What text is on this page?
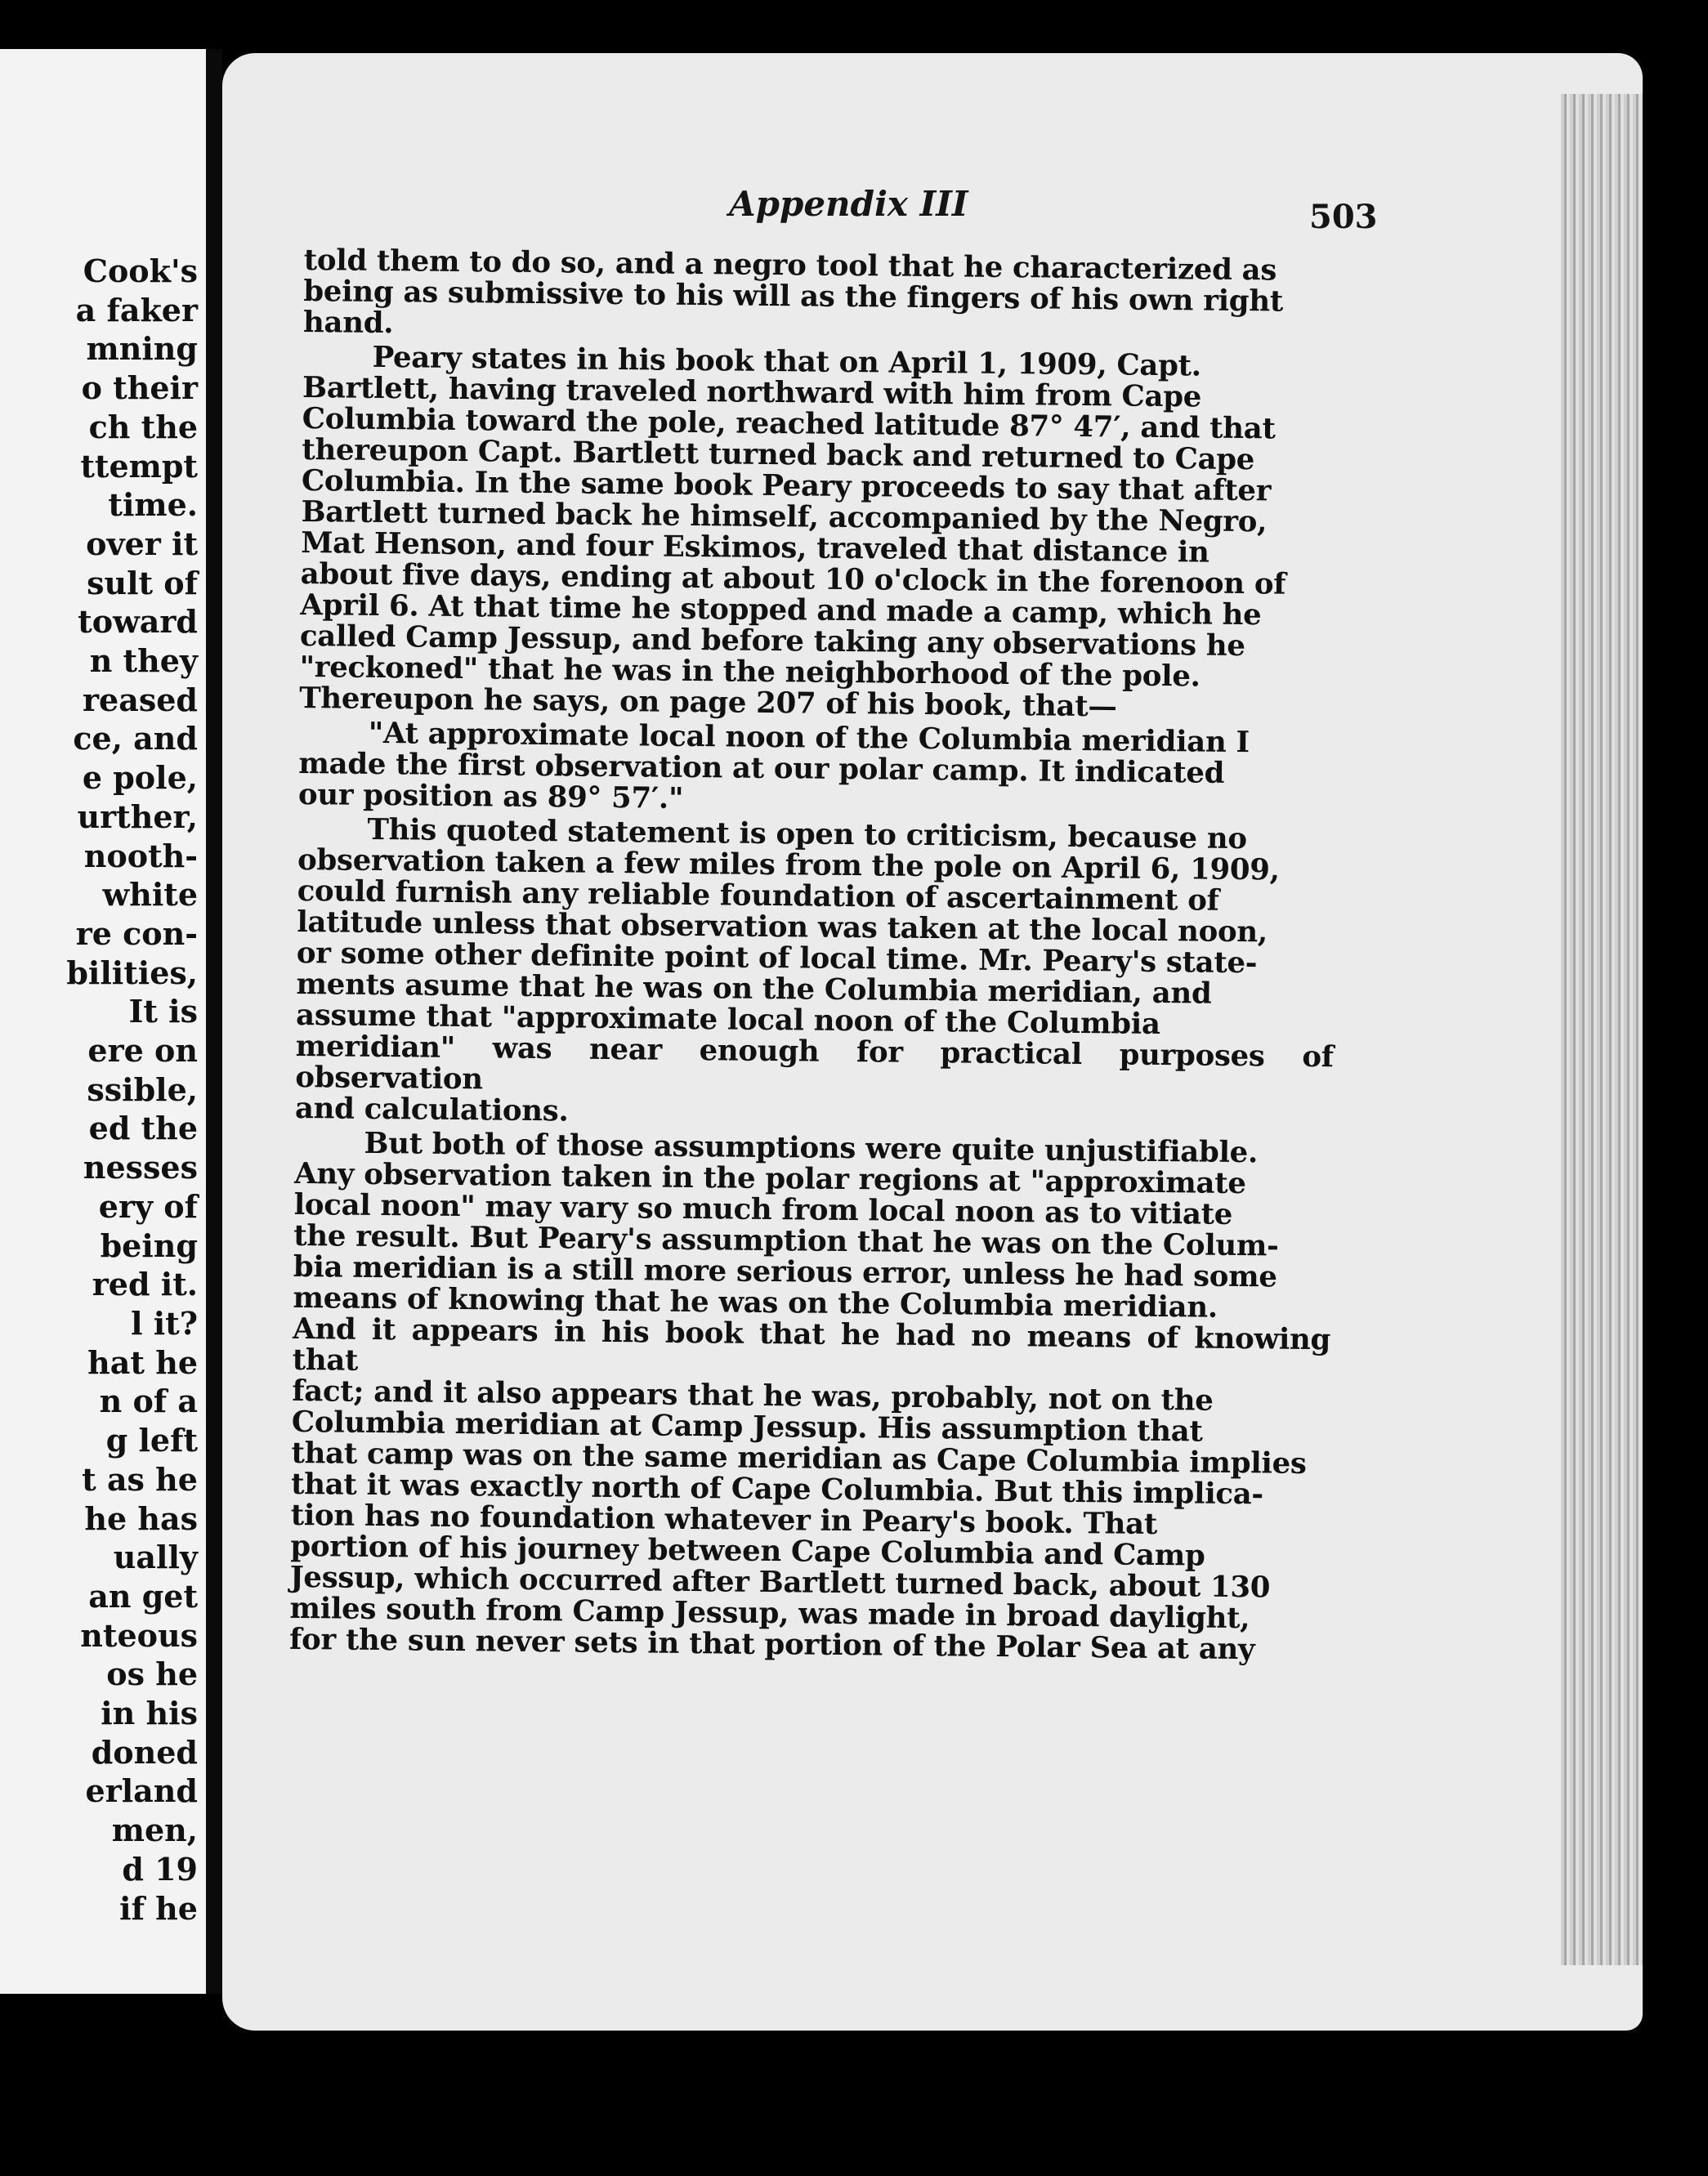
Cook's
a faker
mning
o their
ch the
ttempt
time.
over it
sult of
toward
n they
reased
ce, and
e pole,
urther,
nooth-
white
re con-
bilities,
It is
ere on
ssible,
ed the
nesses
ery of
being
red it.
l it?
hat he
n of a
g left
t as he
he has
ually
an get
nteous
os he
in his
doned
erland
men,
d 19
if he
Appendix III	503

told them to do so, and a negro tool that he characterized as
being as submissive to his will as the fingers of his own right
hand.

Peary states in his book that on April 1, 1909, Capt.
Bartlett, having traveled northward with him from Cape
Columbia toward the pole, reached latitude 87° 47′, and that
thereupon Capt. Bartlett turned back and returned to Cape
Columbia. In the same book Peary proceeds to say that after
Bartlett turned back he himself, accompanied by the Negro,
Mat Henson, and four Eskimos, traveled that distance in
about five days, ending at about 10 o'clock in the forenoon of
April 6. At that time he stopped and made a camp, which he
called Camp Jessup, and before taking any observations he
"reckoned" that he was in the neighborhood of the pole.
Thereupon he says, on page 207 of his book, that—

"At approximate local noon of the Columbia meridian I
made the first observation at our polar camp. It indicated
our position as 89° 57′."

This quoted statement is open to criticism, because no
observation taken a few miles from the pole on April 6, 1909,
could furnish any reliable foundation of ascertainment of
latitude unless that observation was taken at the local noon,
or some other definite point of local time. Mr. Peary's state-
ments asume that he was on the Columbia meridian, and
assume that "approximate local noon of the Columbia
meridian" was near enough for practical purposes of observation
and calculations.

But both of those assumptions were quite unjustifiable.
Any observation taken in the polar regions at "approximate
local noon" may vary so much from local noon as to vitiate
the result. But Peary's assumption that he was on the Colum-
bia meridian is a still more serious error, unless he had some
means of knowing that he was on the Columbia meridian.
And it appears in his book that he had no means of knowing that
fact; and it also appears that he was, probably, not on the
Columbia meridian at Camp Jessup. His assumption that
that camp was on the same meridian as Cape Columbia implies
that it was exactly north of Cape Columbia. But this implica-
tion has no foundation whatever in Peary's book. That
portion of his journey between Cape Columbia and Camp
Jessup, which occurred after Bartlett turned back, about 130
miles south from Camp Jessup, was made in broad daylight,
for the sun never sets in that portion of the Polar Sea at any
